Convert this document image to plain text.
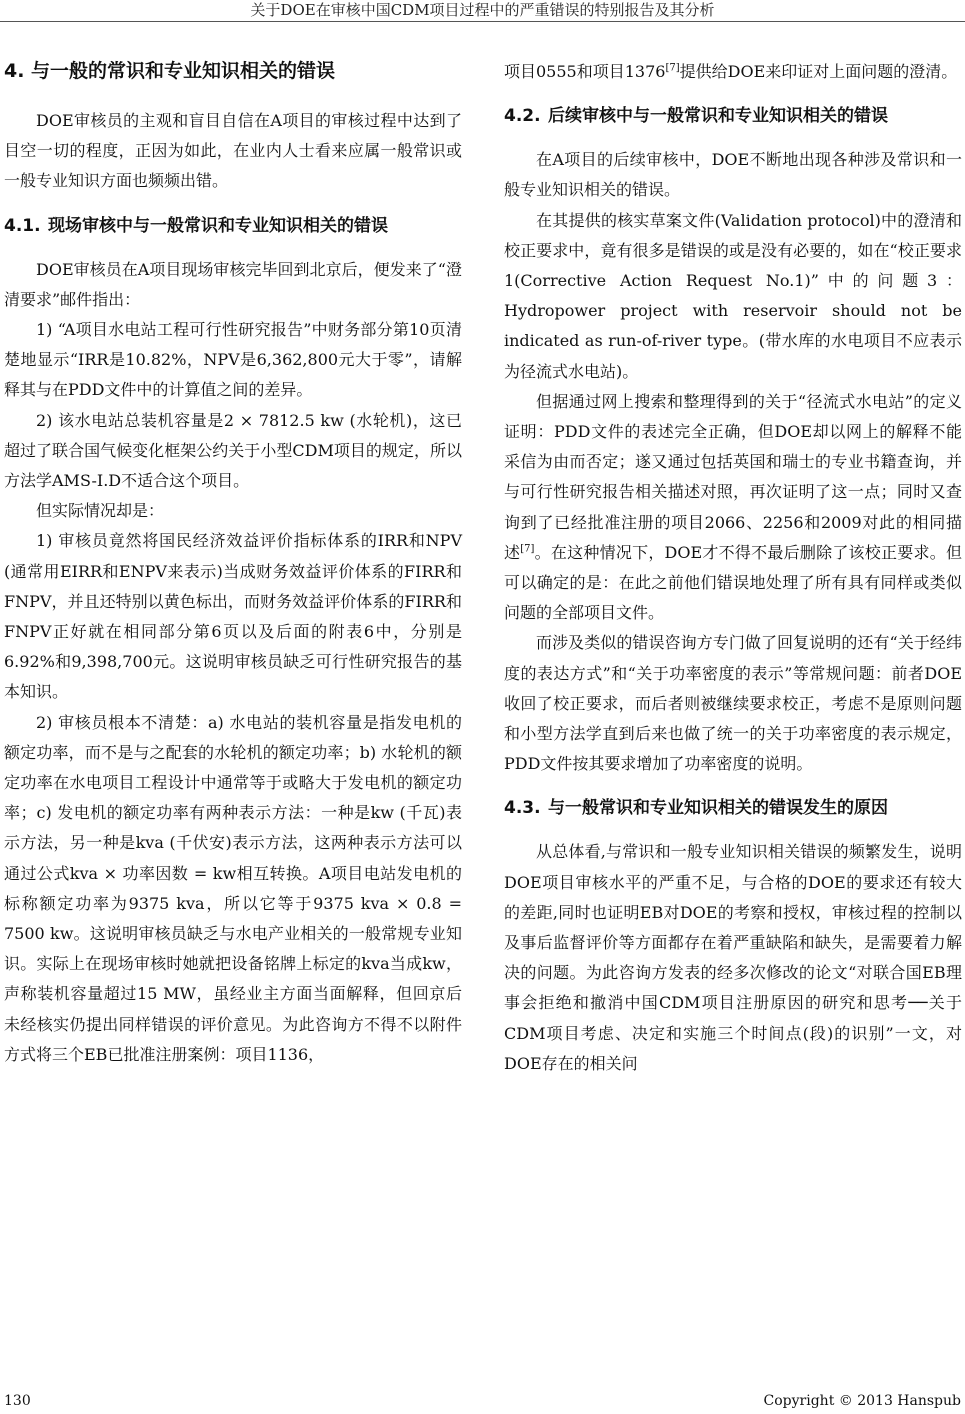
关于DOE在审核中国CDM项目过程中的严重错误的特别报告及其分析
4. 与一般的常识和专业知识相关的错误

DOE审核员的主观和盲目自信在A项目的审核过程中达到了目空一切的程度，正因为如此，在业内人士看来应属一般常识或一般专业知识方面也频频出错。

4.1. 现场审核中与一般常识和专业知识相关的错误

DOE审核员在A项目现场审核完毕回到北京后，便发来了“澄清要求”邮件指出：

1) “A项目水电站工程可行性研究报告”中财务部分第10页清楚地显示“IRR是10.82%，NPV是6,362,800元大于零”，请解释其与在PDD文件中的计算值之间的差异。

2) 该水电站总装机容量是2 × 7812.5 kw (水轮机)，这已超过了联合国气候变化框架公约关于小型CDM项目的规定，所以方法学AMS-I.D不适合这个项目。

但实际情况却是：

1) 审核员竟然将国民经济效益评价指标体系的IRR和NPV (通常用EIRR和ENPV来表示)当成财务效益评价体系的FIRR和FNPV，并且还特别以黄色标出，而财务效益评价体系的FIRR和FNPV正好就在相同部分第6页以及后面的附表6中，分别是6.92%和9,398,700元。这说明审核员缺乏可行性研究报告的基本知识。

2) 审核员根本不清楚：a) 水电站的装机容量是指发电机的额定功率，而不是与之配套的水轮机的额定功率；b) 水轮机的额定功率在水电项目工程设计中通常等于或略大于发电机的额定功率；c) 发电机的额定功率有两种表示方法：一种是kw (千瓦)表示方法，另一种是kva (千伏安)表示方法，这两种表示方法可以通过公式kva × 功率因数 = kw相互转换。A项目电站发电机的标称额定功率为9375 kva，所以它等于9375 kva × 0.8 = 7500 kw。这说明审核员缺乏与水电产业相关的一般常规专业知识。实际上在现场审核时她就把设备铭牌上标定的kva当成kw，声称装机容量超过15 MW，虽经业主方面当面解释，但回京后未经核实仍提出同样错误的评价意见。为此咨询方不得不以附件方式将三个EB已批准注册案例：项目1136，

项目0555和项目1376[7]提供给DOE来印证对上面问题的澄清。

4.2. 后续审核中与一般常识和专业知识相关的错误

在A项目的后续审核中，DOE不断地出现各种涉及常识和一般专业知识相关的错误。

在其提供的核实草案文件(Validation protocol)中的澄清和校正要求中，竟有很多是错误的或是没有必要的，如在“校正要求1(Corrective Action Request No.1)”中的问题3：Hydropower project with reservoir should not be indicated as run-of-river type。(带水库的水电项目不应表示为径流式水电站)。

但据通过网上搜索和整理得到的关于“径流式水电站”的定义证明：PDD文件的表述完全正确，但DOE却以网上的解释不能采信为由而否定；遂又通过包括英国和瑞士的专业书籍查询，并与可行性研究报告相关描述对照，再次证明了这一点；同时又查询到了已经批准注册的项目2066、2256和2009对此的相同描述[7]。在这种情况下，DOE才不得不最后删除了该校正要求。但可以确定的是：在此之前他们错误地处理了所有具有同样或类似问题的全部项目文件。

而涉及类似的错误咨询方专门做了回复说明的还有“关于经纬度的表达方式”和“关于功率密度的表示”等常规问题：前者DOE收回了校正要求，而后者则被继续要求校正，考虑不是原则问题和小型方法学直到后来也做了统一的关于功率密度的表示规定，PDD文件按其要求增加了功率密度的说明。

4.3. 与一般常识和专业知识相关的错误发生的原因

从总体看,与常识和一般专业知识相关错误的频繁发生，说明DOE项目审核水平的严重不足，与合格的DOE的要求还有较大的差距,同时也证明EB对DOE的考察和授权，审核过程的控制以及事后监督评价等方面都存在着严重缺陷和缺失，是需要着力解决的问题。为此咨询方发表的经多次修改的论文“对联合国EB理事会拒绝和撤消中国CDM项目注册原因的研究和思考──关于CDM项目考虑、决定和实施三个时间点(段)的识别”一文，对DOE存在的相关问

130	Copyright © 2013 Hanspub
